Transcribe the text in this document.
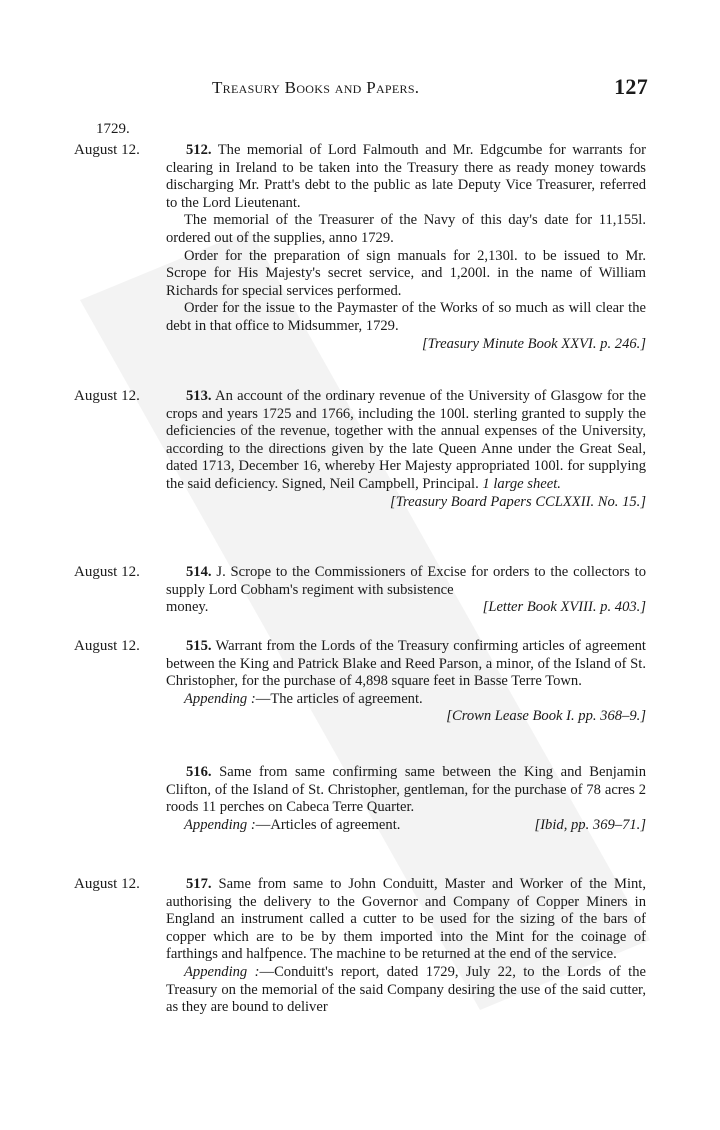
Treasury Books and Papers.	127
1729.
August 12.	512. The memorial of Lord Falmouth and Mr. Edgcumbe for warrants for clearing in Ireland to be taken into the Treasury there as ready money towards discharging Mr. Pratt's debt to the public as late Deputy Vice Treasurer, referred to the Lord Lieutenant.

The memorial of the Treasurer of the Navy of this day's date for 11,155l. ordered out of the supplies, anno 1729.

Order for the preparation of sign manuals for 2,130l. to be issued to Mr. Scrope for His Majesty's secret service, and 1,200l. in the name of William Richards for special services performed.

Order for the issue to the Paymaster of the Works of so much as will clear the debt in that office to Midsummer, 1729.

[Treasury Minute Book XXVI. p. 246.]

August 12.	513. An account of the ordinary revenue of the University of Glasgow for the crops and years 1725 and 1766, including the 100l. sterling granted to supply the deficiencies of the revenue, together with the annual expenses of the University, according to the directions given by the late Queen Anne under the Great Seal, dated 1713, December 16, whereby Her Majesty appropriated 100l. for supplying the said deficiency. Signed, Neil Campbell, Principal. 1 large sheet.

[Treasury Board Papers CCLXXII. No. 15.]

August 12.	514. J. Scrope to the Commissioners of Excise for orders to the collectors to supply Lord Cobham's regiment with subsistence

money.	[Letter Book XVIII. p. 403.]
August 12.	515. Warrant from the Lords of the Treasury confirming articles of agreement between the King and Patrick Blake and Reed Parson, a minor, of the Island of St. Christopher, for the purchase of 4,898 square feet in Basse Terre Town.

Appending :—The articles of agreement.

[Crown Lease Book I. pp. 368–9.]

516. Same from same confirming same between the King and Benjamin Clifton, of the Island of St. Christopher, gentleman, for the purchase of 78 acres 2 roods 11 perches on Cabeca Terre Quarter.

Appending :—Articles of agreement.	[Ibid, pp. 369–71.]
August 12.	517. Same from same to John Conduitt, Master and Worker of the Mint, authorising the delivery to the Governor and Company of Copper Miners in England an instrument called a cutter to be used for the sizing of the bars of copper which are to be by them imported into the Mint for the coinage of farthings and halfpence. The machine to be returned at the end of the service.

Appending :—Conduitt's report, dated 1729, July 22, to the Lords of the Treasury on the memorial of the said Company desiring the use of the said cutter, as they are bound to deliver
